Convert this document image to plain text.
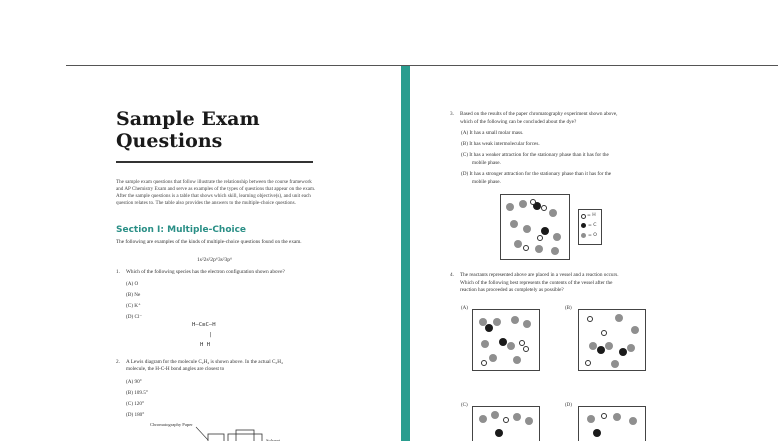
Sample Exam
Questions
The sample exam questions that follow illustrate the relationship between the course framework and AP Chemistry Exam and serve as examples of the types of questions that appear on the exam. After the sample questions is a table that shows which skill, learning objective(s), and unit each question relates to. The table also provides the answers to the multiple-choice questions.
Section I: Multiple-Choice
The following are examples of the kinds of multiple-choice questions found on the exam.
1s²2s²2p⁶3s²3p⁶
1. Which of the following species has the electron configuration shown above?
(A) O
(B) Ne
(C) K⁺
(D) Cl⁻
H—C≡C—H
|
H H
2. A Lewis diagram for the molecule C₂H₄ is shown above. In the actual C₂H₄
molecule, the H-C-H bond angles are closest to
(A) 90°
(B) 109.5°
(C) 120°
(D) 180°
Chromatography Paper
Solvent
3. Based on the results of the paper chromatography experiment shown above,
which of the following can be concluded about the dye?
(A) It has a small molar mass.
(B) It has weak intermolecular forces.
(C) It has a weaker attraction for the stationary phase than it has for the
mobile phase.
(D) It has a stronger attraction for the stationary phase than it has for the
mobile phase.
= H
= C
= O
4. The reactants represented above are placed in a vessel and a reaction occurs.
Which of the following best represents the contents of the vessel after the
reaction has proceeded as completely as possible?
(A)	(B)
(C)	(D)
